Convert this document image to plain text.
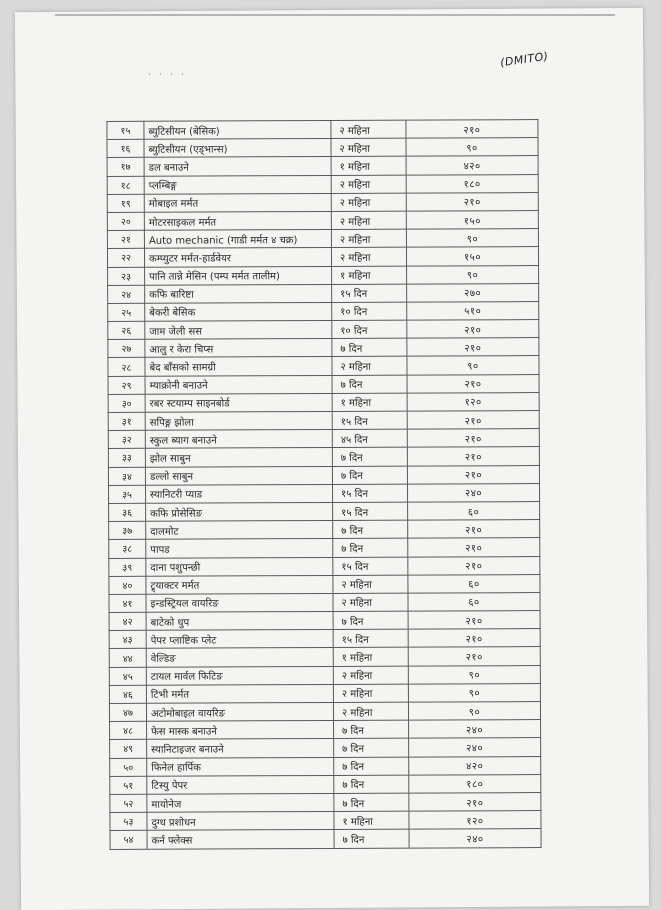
(DMITO)
· · · ·
१५	ब्युटिसीयन (बेसिक)	२ महिना	२१०
१६	ब्युटिसीयन (एड्भान्स)	२ महिना	९०
१७	डल बनाउने	१ महिना	४२०
१८	प्लम्बिङ्ग	२ महिना	१८०
१९	मोबाइल मर्मत	२ महिना	२१०
२०	मोटरसाइकल मर्मत	२ महिना	१५०
२१	Auto mechanic (गाडी मर्मत ४ चक्र)	२ महिना	९०
२२	कम्प्युटर मर्मत-हार्डवेयर	२ महिना	१५०
२३	पानि तान्ने मेसिन (पम्प मर्मत तालीम)	१ महिना	९०
२४	कफि बारिष्टा	१५ दिन	२७०
२५	बेकरी बेसिक	१० दिन	५१०
२६	जाम जेली सस	१० दिन	२१०
२७	आलु र केरा चिप्स	७ दिन	२१०
२८	बेद बाँसको सामग्री	२ महिना	९०
२९	म्याक्रोनी बनाउने	७ दिन	२१०
३०	रबर स्टयाम्प साइनबोर्ड	१ महिना	१२०
३१	सपिङ्ग झोला	१५ दिन	२१०
३२	स्कुल ब्याग बनाउने	४५ दिन	२१०
३३	झोल साबुन	७ दिन	२१०
३४	डल्लो साबुन	७ दिन	२१०
३५	स्यानिटरी प्याड	१५ दिन	२४०
३६	कफि प्रोसेसिङ	१५ दिन	६०
३७	दालमोट	७ दिन	२१०
३८	पापड	७ दिन	२१०
३९	दाना पशुपन्छी	१५ दिन	२१०
४०	ट्र्याक्टर मर्मत	२ महिना	६०
४१	इन्डस्ट्रियल वायरिङ	२ महिना	६०
४२	बाटेको धुप	७ दिन	२१०
४३	पेपर प्लाष्टिक प्लेट	१५ दिन	२१०
४४	वेल्डिङ	१ महिना	२१०
४५	टायल मार्वल फिटिङ	२ महिना	९०
४६	टिभी मर्मत	२ महिना	९०
४७	अटोमोबाइल वायरिङ	२ महिना	९०
४८	फेस मास्क बनाउने	७ दिन	२४०
४९	स्यानिटाइजर बनाउने	७ दिन	२४०
५०	फिनेल हार्पिक	७ दिन	४२०
५१	टिस्यु पेपर	७ दिन	१८०
५२	मायोनेज	७ दिन	२१०
५३	दुग्ध प्रशोधन	१ महिना	१२०
५४	कर्न फ्लेक्स	७ दिन	२४०
